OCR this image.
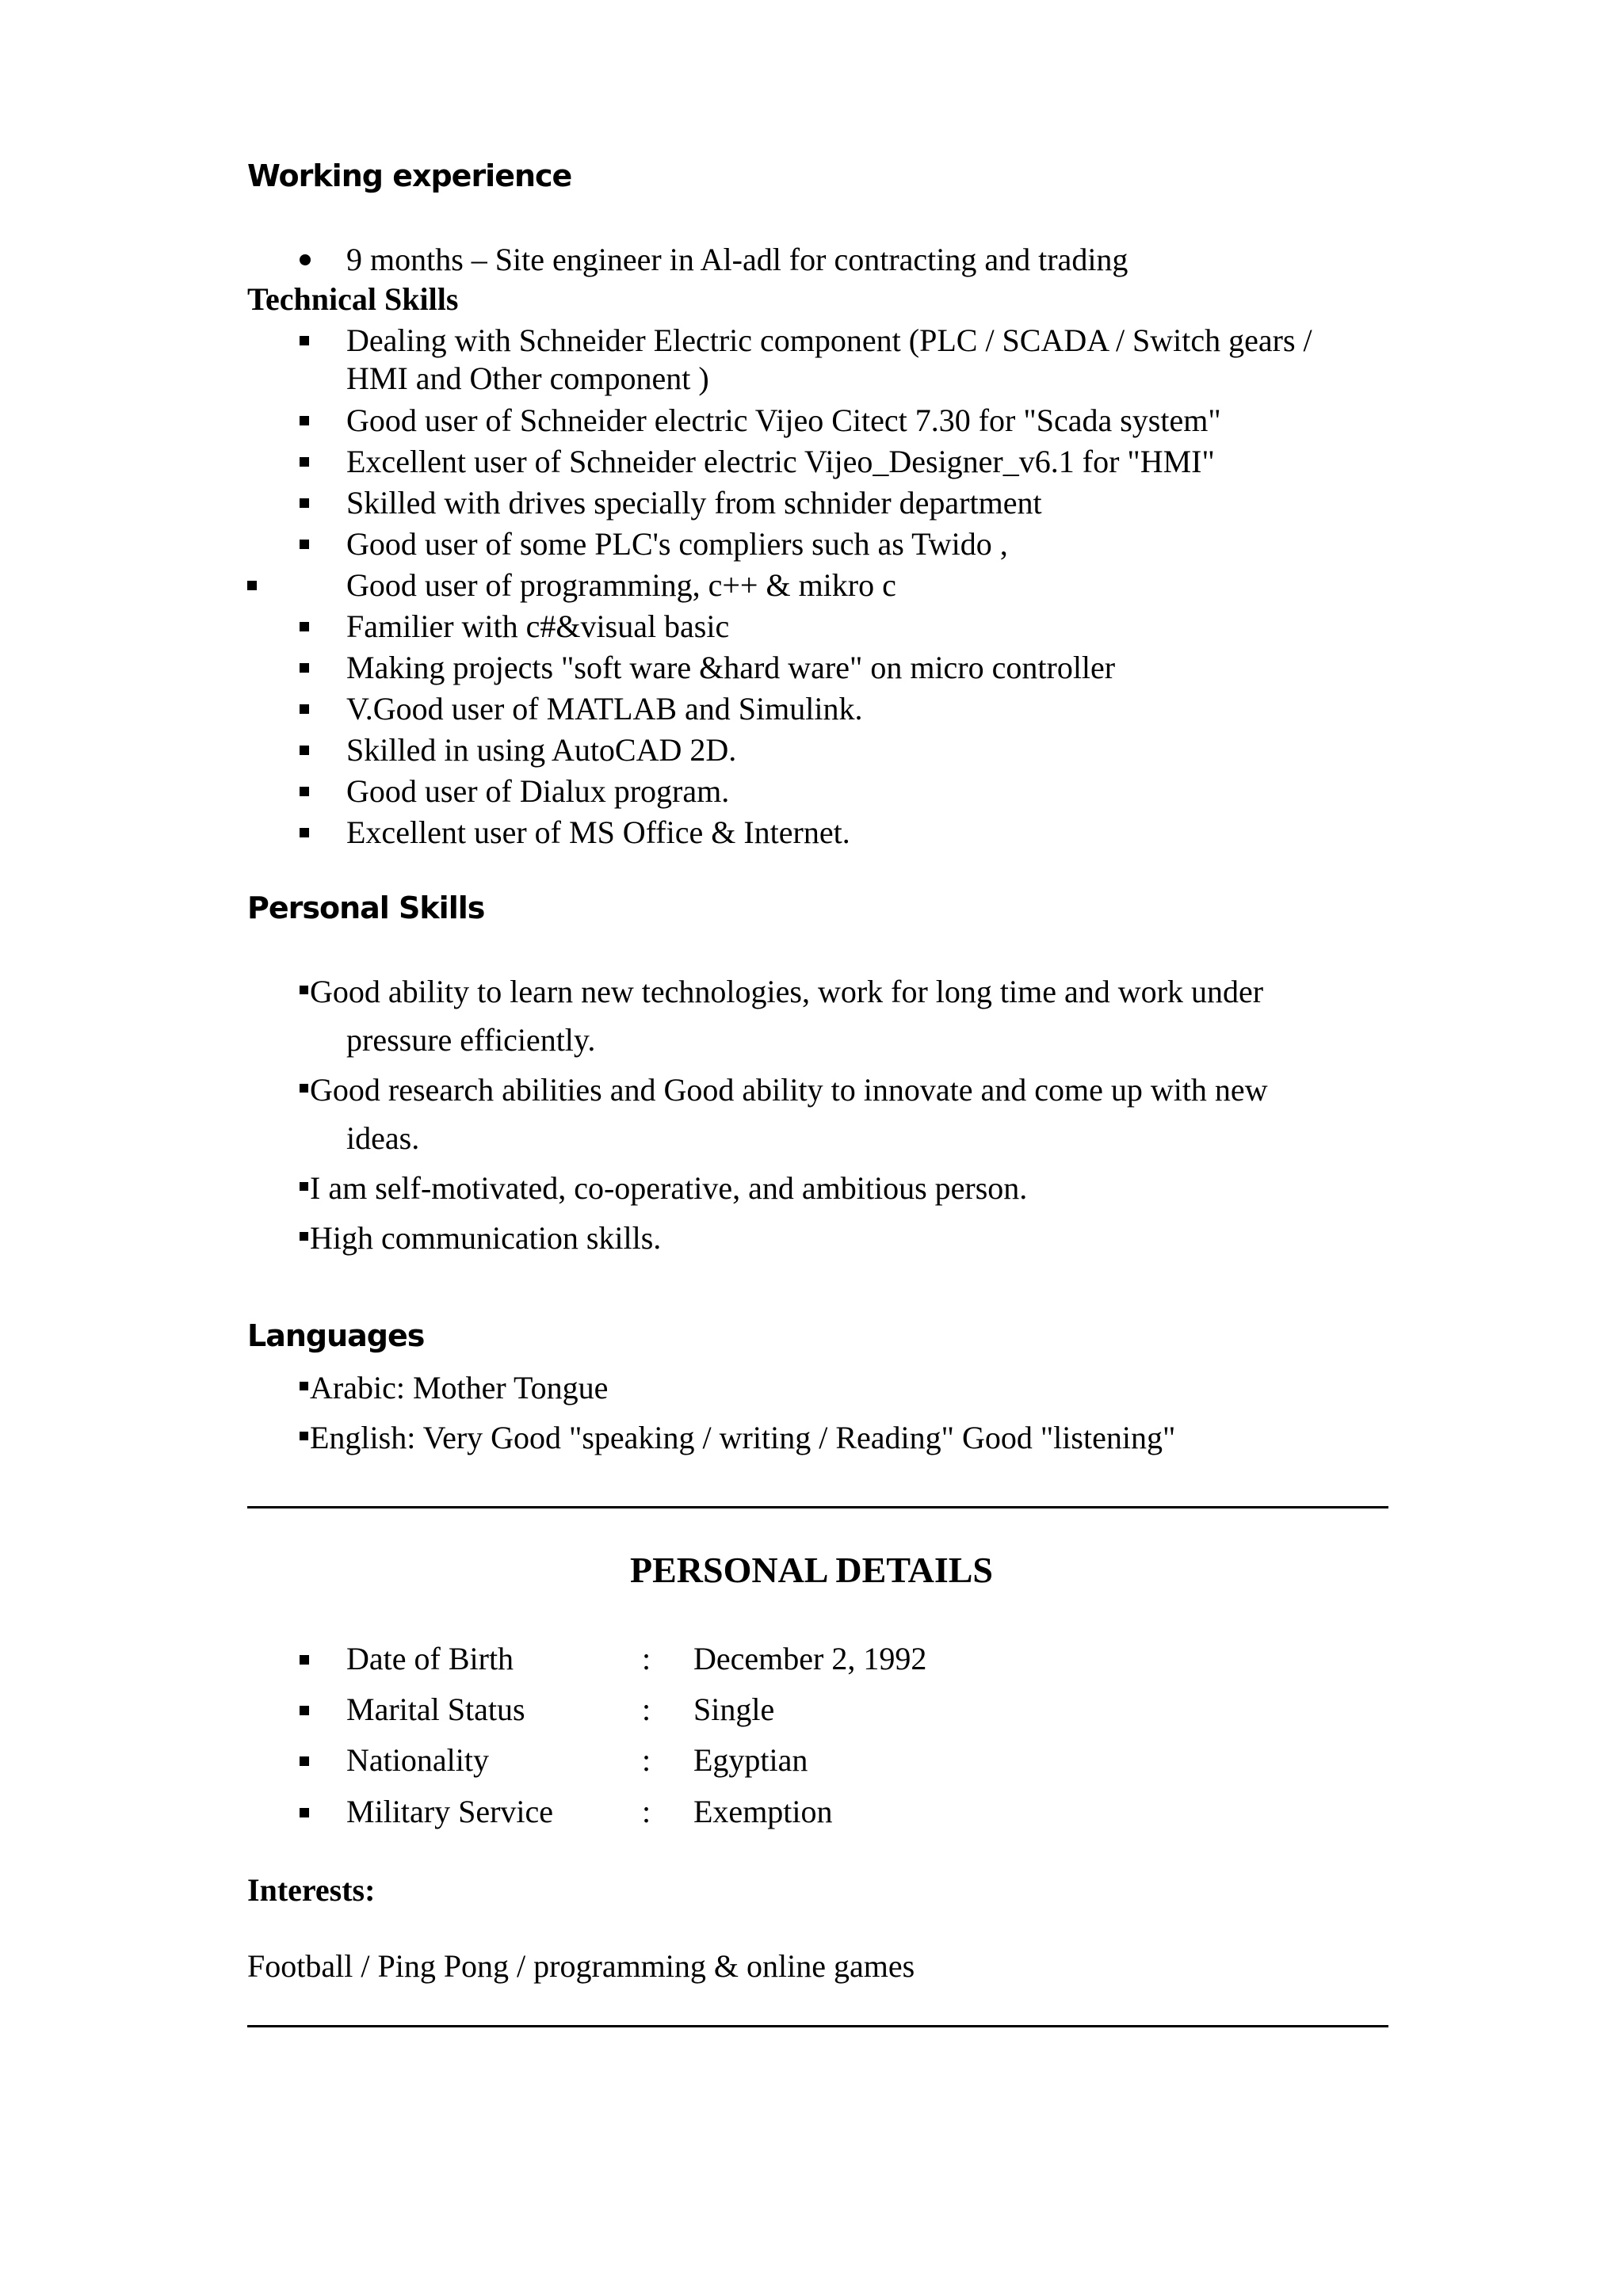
Working experience
9 months – Site engineer in Al-adl for contracting and trading
Technical Skills
Dealing with Schneider Electric component (PLC / SCADA / Switch gears /
HMI and Other component )
Good user of Schneider electric Vijeo Citect 7.30 for "Scada system"
Excellent user of Schneider electric Vijeo_Designer_v6.1 for "HMI"
Skilled with drives specially from schnider department
Good user of some PLC's compliers such as Twido ,
Good user of programming, c++ & mikro c
Familier with c#&visual basic
Making projects "soft ware &hard ware" on micro controller
V.Good user of MATLAB and Simulink.
Skilled in using AutoCAD 2D.
Good user of Dialux program.
Excellent user of MS Office & Internet.
Personal Skills
Good ability to learn new technologies, work for long time and work under
pressure efficiently.
Good research abilities and Good ability to innovate and come up with new
ideas.
I am self-motivated, co-operative, and ambitious person.
High communication skills.
Languages
Arabic: Mother Tongue
English: Very Good "speaking / writing / Reading" Good "listening"
PERSONAL DETAILS
Date of Birth	: December 2, 1992
Marital Status	: Single
Nationality	: Egyptian
Military Service	: Exemption
Interests:
Football / Ping Pong / programming & online games
